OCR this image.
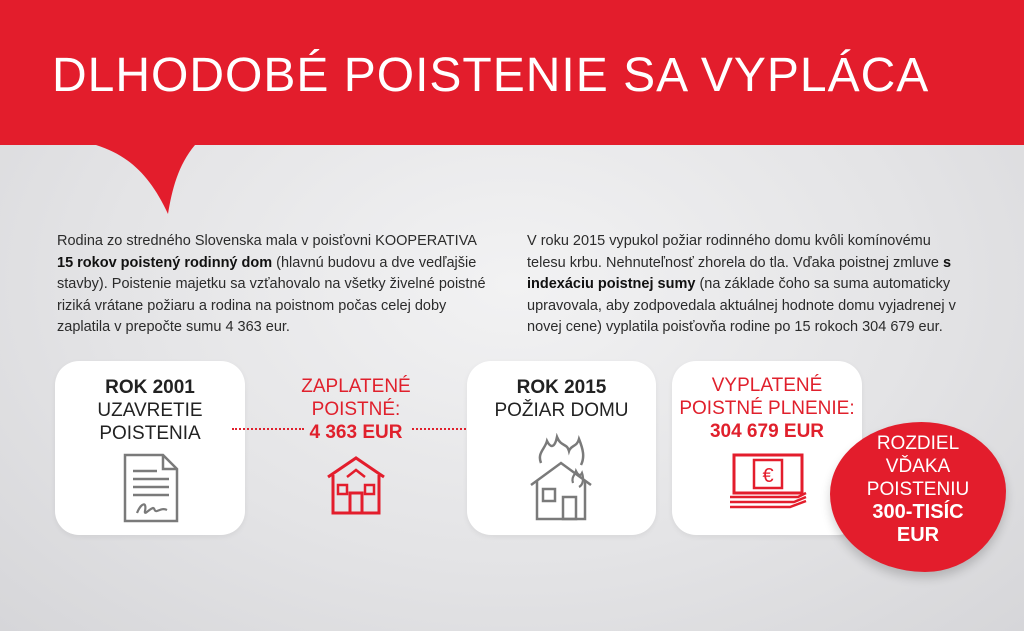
DLHODOBÉ POISTENIE SA VYPLÁCA

Rodina zo stredného Slovenska mala v poisťovni KOOPERATIVA
15 rokov poistený rodinný dom (hlavnú budovu a dve vedľajšie stavby). Poistenie majetku sa vzťahovalo na všetky živelné poistné riziká vrátane požiaru a rodina na poistnom počas celej doby zaplatila v prepočte sumu 4 363 eur.

V roku 2015 vypukol požiar rodinného domu kvôli komínovému telesu krbu. Nehnuteľnosť zhorela do tla. Vďaka poistnej zmluve s indexáciu poistnej sumy (na základe čoho sa suma automaticky upravovala, aby zodpovedala aktuálnej hodnote domu vyjadrenej v novej cene) vyplatila poisťovňa rodine po 15 rokoch 304 679 eur.

ROK 2001
UZAVRETIE
POISTENIA
ZAPLATENÉ
POISTNÉ:
4 363 EUR
ROK 2015
POŽIAR DOMU
VYPLATENÉ
POISTNÉ PLNENIE:
304 679 EUR
€
ROZDIEL
VĎAKA
POISTENIU
300-TISÍC
EUR
